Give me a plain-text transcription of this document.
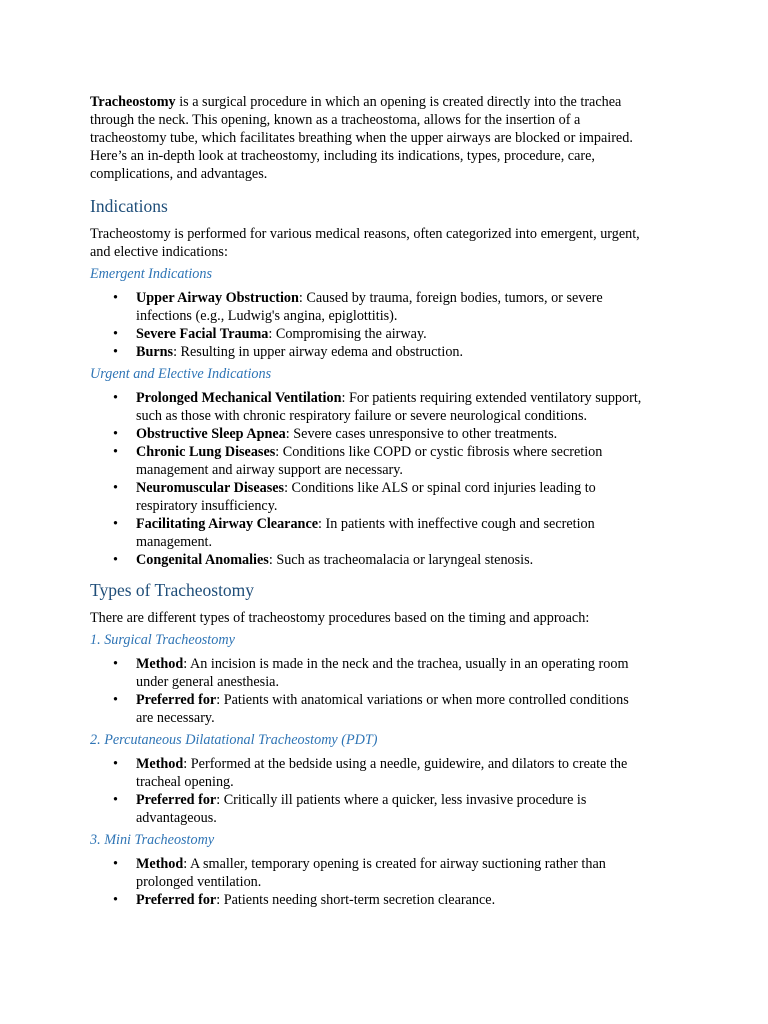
Tracheostomy is a surgical procedure in which an opening is created directly into the trachea
through the neck. This opening, known as a tracheostoma, allows for the insertion of a
tracheostomy tube, which facilitates breathing when the upper airways are blocked or impaired.
Here’s an in-depth look at tracheostomy, including its indications, types, procedure, care,
complications, and advantages.

Indications

Tracheostomy is performed for various medical reasons, often categorized into emergent, urgent,
and elective indications:

Emergent Indications
• Upper Airway Obstruction: Caused by trauma, foreign bodies, tumors, or severe
infections (e.g., Ludwig's angina, epiglottitis).
• Severe Facial Trauma: Compromising the airway.
• Burns: Resulting in upper airway edema and obstruction.
Urgent and Elective Indications
• Prolonged Mechanical Ventilation: For patients requiring extended ventilatory support,
such as those with chronic respiratory failure or severe neurological conditions.
• Obstructive Sleep Apnea: Severe cases unresponsive to other treatments.
• Chronic Lung Diseases: Conditions like COPD or cystic fibrosis where secretion
management and airway support are necessary.
• Neuromuscular Diseases: Conditions like ALS or spinal cord injuries leading to
respiratory insufficiency.
• Facilitating Airway Clearance: In patients with ineffective cough and secretion
management.
• Congenital Anomalies: Such as tracheomalacia or laryngeal stenosis.
Types of Tracheostomy

There are different types of tracheostomy procedures based on the timing and approach:

1. Surgical Tracheostomy
• Method: An incision is made in the neck and the trachea, usually in an operating room
under general anesthesia.
• Preferred for: Patients with anatomical variations or when more controlled conditions
are necessary.
2. Percutaneous Dilatational Tracheostomy (PDT)
• Method: Performed at the bedside using a needle, guidewire, and dilators to create the
tracheal opening.
• Preferred for: Critically ill patients where a quicker, less invasive procedure is
advantageous.
3. Mini Tracheostomy
• Method: A smaller, temporary opening is created for airway suctioning rather than
prolonged ventilation.
• Preferred for: Patients needing short-term secretion clearance.
